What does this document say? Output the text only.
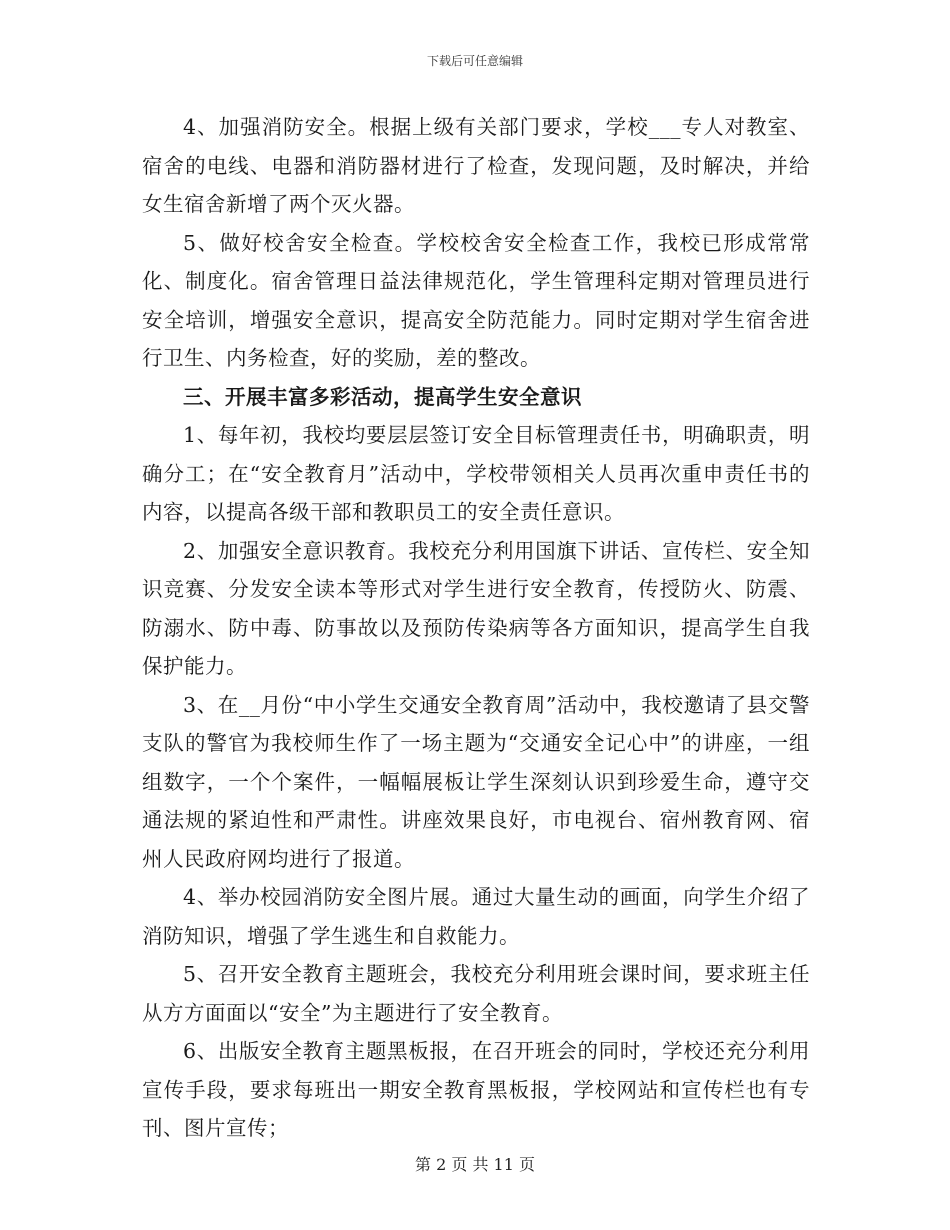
下载后可任意编辑

4、加强消防安全。根据上级有关部门要求，学校___专人对教室、宿舍的电线、电器和消防器材进行了检查，发现问题，及时解决，并给女生宿舍新增了两个灭火器。

5、做好校舍安全检查。学校校舍安全检查工作，我校已形成常常化、制度化。宿舍管理日益法律规范化，学生管理科定期对管理员进行安全培训，增强安全意识，提高安全防范能力。同时定期对学生宿舍进行卫生、内务检查，好的奖励，差的整改。

三、开展丰富多彩活动，提高学生安全意识

1、每年初，我校均要层层签订安全目标管理责任书，明确职责，明确分工；在“安全教育月”活动中，学校带领相关人员再次重申责任书的内容，以提高各级干部和教职员工的安全责任意识。

2、加强安全意识教育。我校充分利用国旗下讲话、宣传栏、安全知识竞赛、分发安全读本等形式对学生进行安全教育，传授防火、防震、防溺水、防中毒、防事故以及预防传染病等各方面知识，提高学生自我保护能力。

3、在__月份“中小学生交通安全教育周”活动中，我校邀请了县交警支队的警官为我校师生作了一场主题为“交通安全记心中”的讲座，一组组数字，一个个案件，一幅幅展板让学生深刻认识到珍爱生命，遵守交通法规的紧迫性和严肃性。讲座效果良好，市电视台、宿州教育网、宿州人民政府网均进行了报道。

4、举办校园消防安全图片展。通过大量生动的画面，向学生介绍了消防知识，增强了学生逃生和自救能力。

5、召开安全教育主题班会，我校充分利用班会课时间，要求班主任从方方面面以“安全”为主题进行了安全教育。

6、出版安全教育主题黑板报，在召开班会的同时，学校还充分利用宣传手段，要求每班出一期安全教育黑板报，学校网站和宣传栏也有专刊、图片宣传；

第 2 页 共 11 页
